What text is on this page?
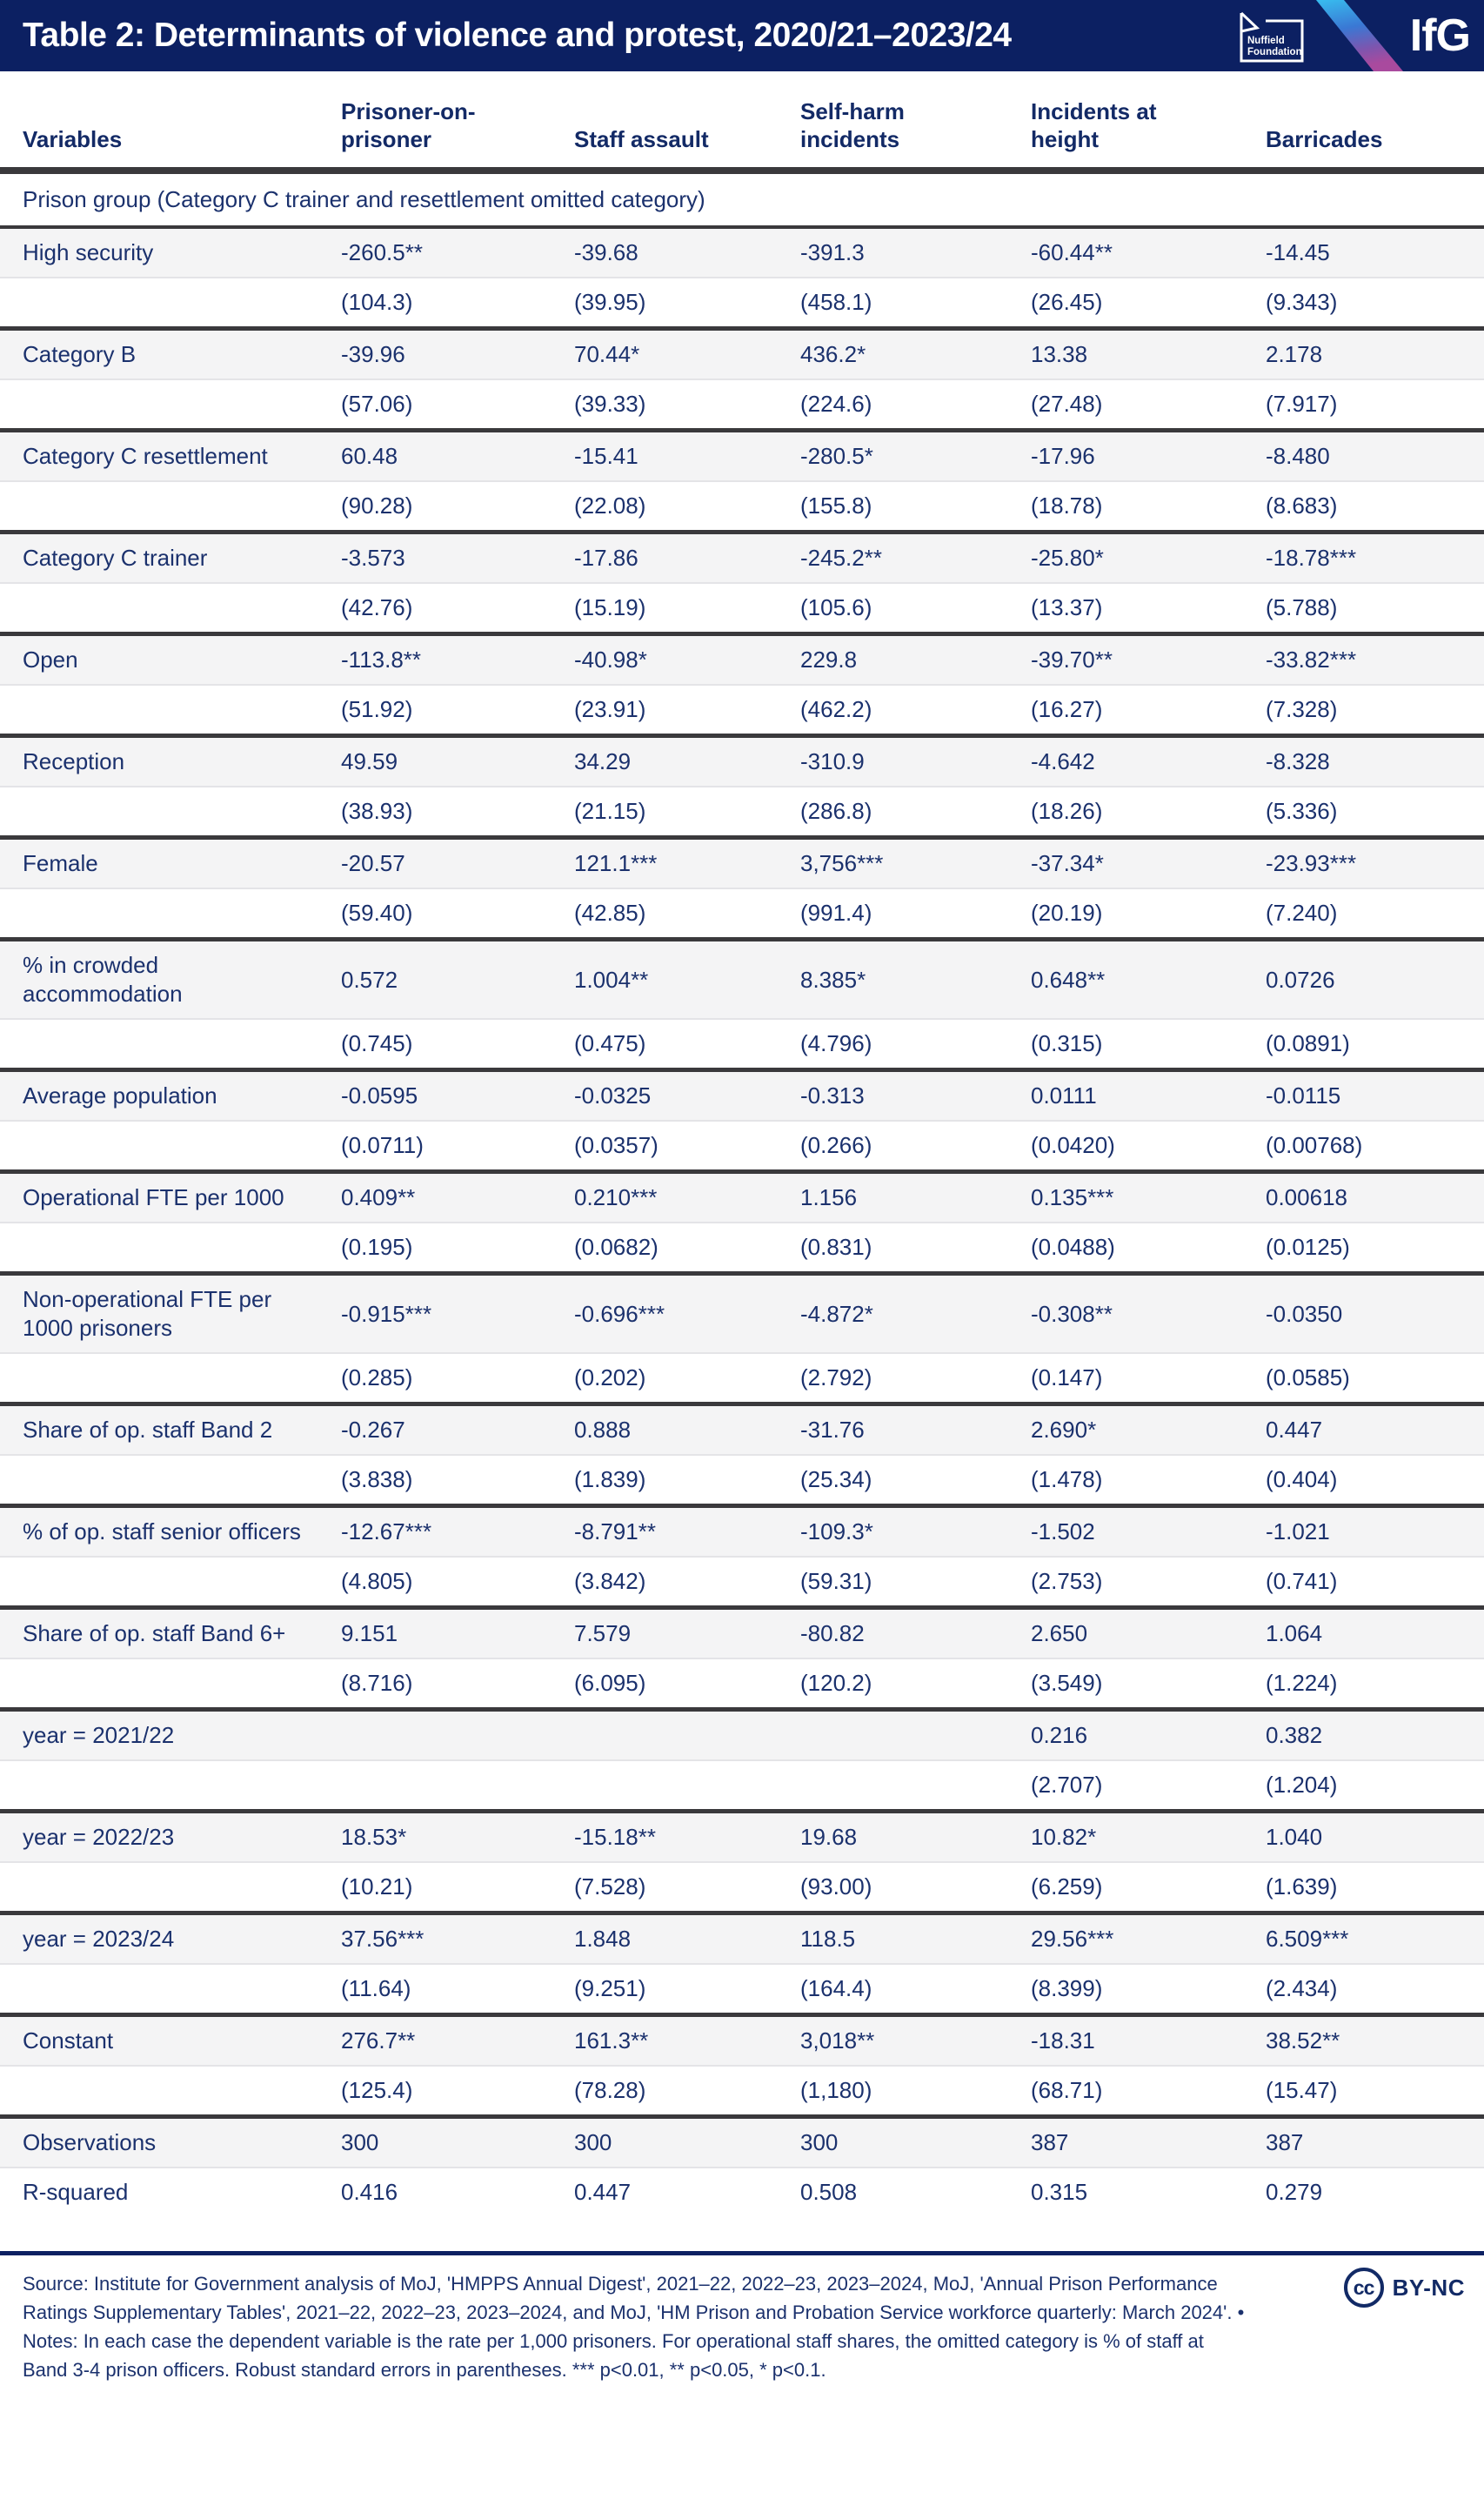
Table 2: Determinants of violence and protest, 2020/21–2023/24	Nuffield
Foundation IfG
Variables	Prisoner-on-prisoner	Staff assault	Self-harm incidents	Incidents at height	Barricades
Prison group (Category C trainer and resettlement omitted category)					
High security	-260.5**	-39.68	-391.3	-60.44**	-14.45
	(104.3)	(39.95)	(458.1)	(26.45)	(9.343)
Category B	-39.96	70.44*	436.2*	13.38	2.178
	(57.06)	(39.33)	(224.6)	(27.48)	(7.917)
Category C resettlement	60.48	-15.41	-280.5*	-17.96	-8.480
	(90.28)	(22.08)	(155.8)	(18.78)	(8.683)
Category C trainer	-3.573	-17.86	-245.2**	-25.80*	-18.78***
	(42.76)	(15.19)	(105.6)	(13.37)	(5.788)
Open	-113.8**	-40.98*	229.8	-39.70**	-33.82***
	(51.92)	(23.91)	(462.2)	(16.27)	(7.328)
Reception	49.59	34.29	-310.9	-4.642	-8.328
	(38.93)	(21.15)	(286.8)	(18.26)	(5.336)
Female	-20.57	121.1***	3,756***	-37.34*	-23.93***
	(59.40)	(42.85)	(991.4)	(20.19)	(7.240)
% in crowded accommodation	0.572	1.004**	8.385*	0.648**	0.0726
	(0.745)	(0.475)	(4.796)	(0.315)	(0.0891)
Average population	-0.0595	-0.0325	-0.313	0.0111	-0.0115
	(0.0711)	(0.0357)	(0.266)	(0.0420)	(0.00768)
Operational FTE per 1000	0.409**	0.210***	1.156	0.135***	0.00618
	(0.195)	(0.0682)	(0.831)	(0.0488)	(0.0125)
Non-operational FTE per 1000 prisoners	-0.915***	-0.696***	-4.872*	-0.308**	-0.0350
	(0.285)	(0.202)	(2.792)	(0.147)	(0.0585)
Share of op. staff Band 2	-0.267	0.888	-31.76	2.690*	0.447
	(3.838)	(1.839)	(25.34)	(1.478)	(0.404)
% of op. staff senior officers	-12.67***	-8.791**	-109.3*	-1.502	-1.021
	(4.805)	(3.842)	(59.31)	(2.753)	(0.741)
Share of op. staff Band 6+	9.151	7.579	-80.82	2.650	1.064
	(8.716)	(6.095)	(120.2)	(3.549)	(1.224)
year = 2021/22				0.216	0.382
				(2.707)	(1.204)
year = 2022/23	18.53*	-15.18**	19.68	10.82*	1.040
	(10.21)	(7.528)	(93.00)	(6.259)	(1.639)
year = 2023/24	37.56***	1.848	118.5	29.56***	6.509***
	(11.64)	(9.251)	(164.4)	(8.399)	(2.434)
Constant	276.7**	161.3**	3,018**	-18.31	38.52**
	(125.4)	(78.28)	(1,180)	(68.71)	(15.47)
Observations	300	300	300	387	387
R-squared	0.416	0.447	0.508	0.315	0.279
cc BY-NC

Source: Institute for Government analysis of MoJ, 'HMPPS Annual Digest', 2021–22, 2022–23, 2023–2024, MoJ, 'Annual Prison Performance Ratings Supplementary Tables', 2021–22, 2022–23, 2023–2024, and MoJ, 'HM Prison and Probation Service workforce quarterly: March 2024'. • Notes: In each case the dependent variable is the rate per 1,000 prisoners. For operational staff shares, the omitted category is % of staff at Band 3-4 prison officers. Robust standard errors in parentheses. *** p<0.01, ** p<0.05, * p<0.1.
